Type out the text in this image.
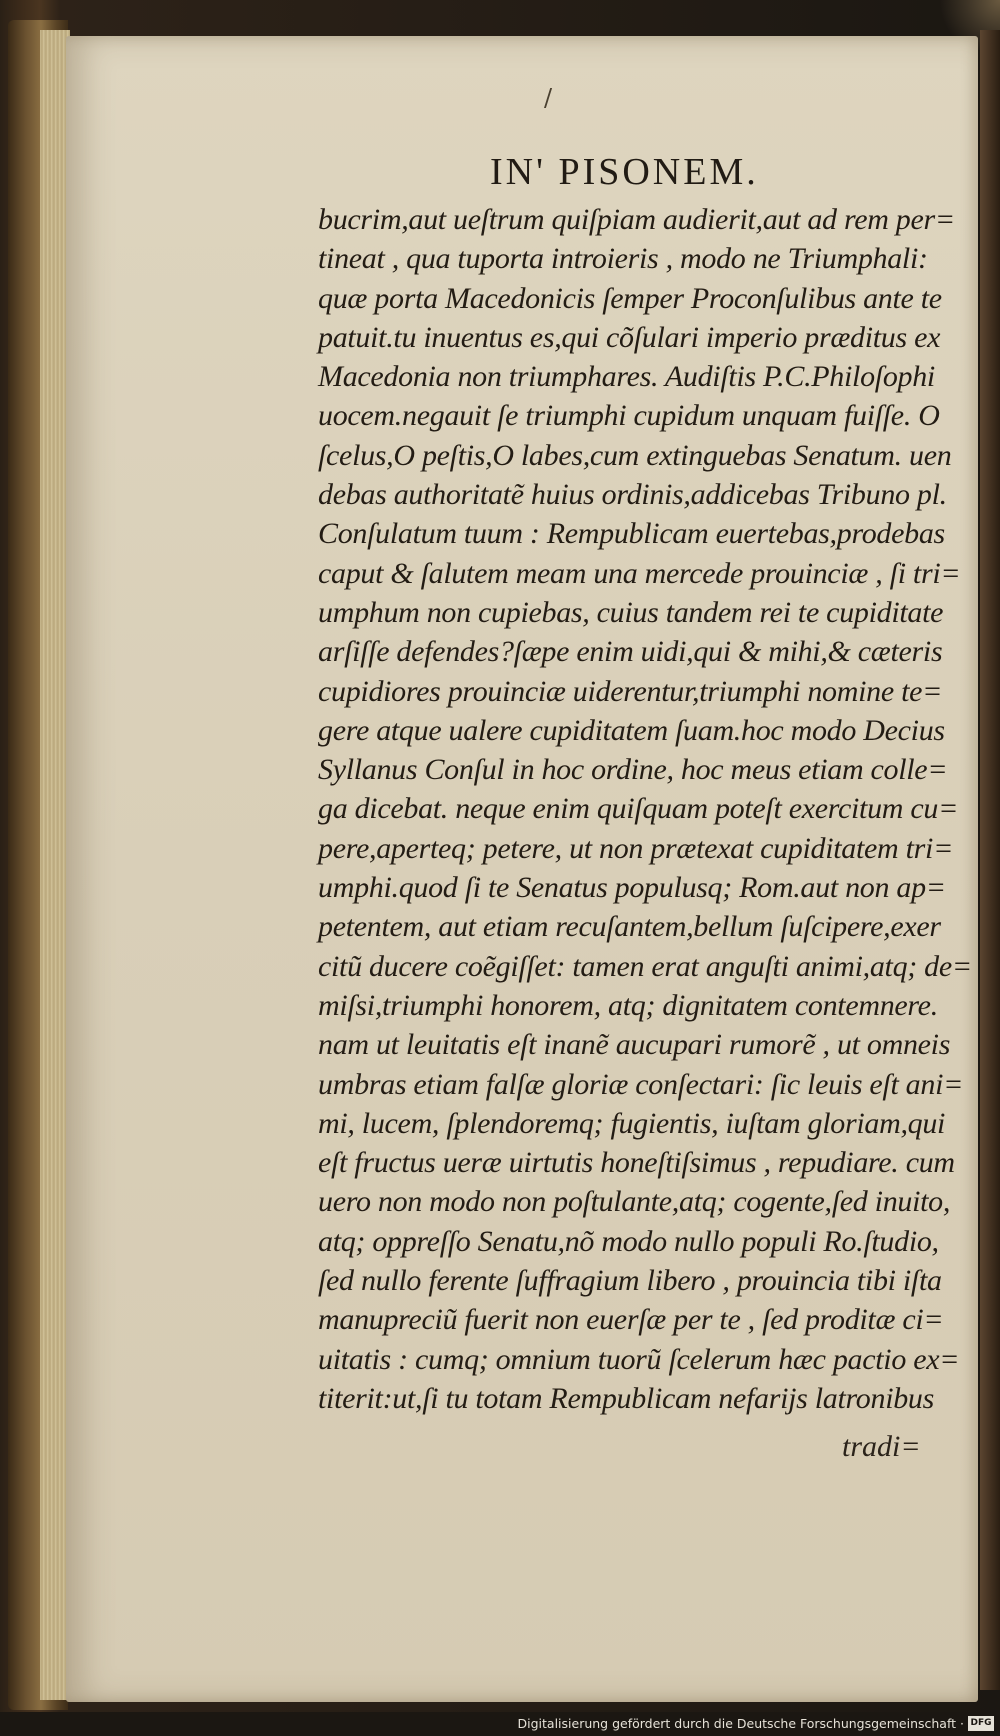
/
IN' PISONEM.
bucrim,aut ueſtrum quiſpiam audierit,aut ad rem per=
tineat , qua tuporta introieris , modo ne Triumphali:
quæ porta Macedonicis ſemper Proconſulibus ante te
patuit.tu inuentus es,qui cõſulari imperio præditus ex
Macedonia non triumphares. Audiſtis P.C.Philoſophi
uocem.negauit ſe triumphi cupidum unquam fuiſſe. O
ſcelus,O peſtis,O labes,cum extinguebas Senatum. uen
debas authoritatẽ huius ordinis,addicebas Tribuno pl.
Conſulatum tuum : Rempublicam euertebas,prodebas
caput & ſalutem meam una mercede prouinciæ , ſi tri=
umphum non cupiebas, cuius tandem rei te cupiditate
arſiſſe defendes?ſæpe enim uidi,qui & mihi,& cæteris
cupidiores prouinciæ uiderentur,triumphi nomine te=
gere atque ualere cupiditatem ſuam.hoc modo Decius
Syllanus Conſul in hoc ordine, hoc meus etiam colle=
ga dicebat. neque enim quiſquam poteſt exercitum cu=
pere,aperteq; petere, ut non prætexat cupiditatem tri=
umphi.quod ſi te Senatus populusq; Rom.aut non ap=
petentem, aut etiam recuſantem,bellum ſuſcipere,exer
citũ ducere coẽgiſſet: tamen erat anguſti animi,atq; de=
miſsi,triumphi honorem, atq; dignitatem contemnere.
nam ut leuitatis eſt inanẽ aucupari rumorẽ , ut omneis
umbras etiam falſæ gloriæ conſectari: ſic leuis eſt ani=
mi, lucem, ſplendoremq; fugientis, iuſtam gloriam,qui
eſt fructus ueræ uirtutis honeſtiſsimus , repudiare. cum
uero non modo non poſtulante,atq; cogente,ſed inuito,
atq; oppreſſo Senatu,nõ modo nullo populi Ro.ſtudio,
ſed nullo ferente ſuffragium libero , prouincia tibi iſta
manupreciũ fuerit non euerſæ per te , ſed proditæ ci=
uitatis : cumq; omnium tuorũ ſcelerum hæc pactio ex=
titerit:ut,ſi tu totam Rempublicam nefarijs latronibus
tradi=
Digitalisierung gefördert durch die Deutsche Forschungsgemeinschaft · DFG
